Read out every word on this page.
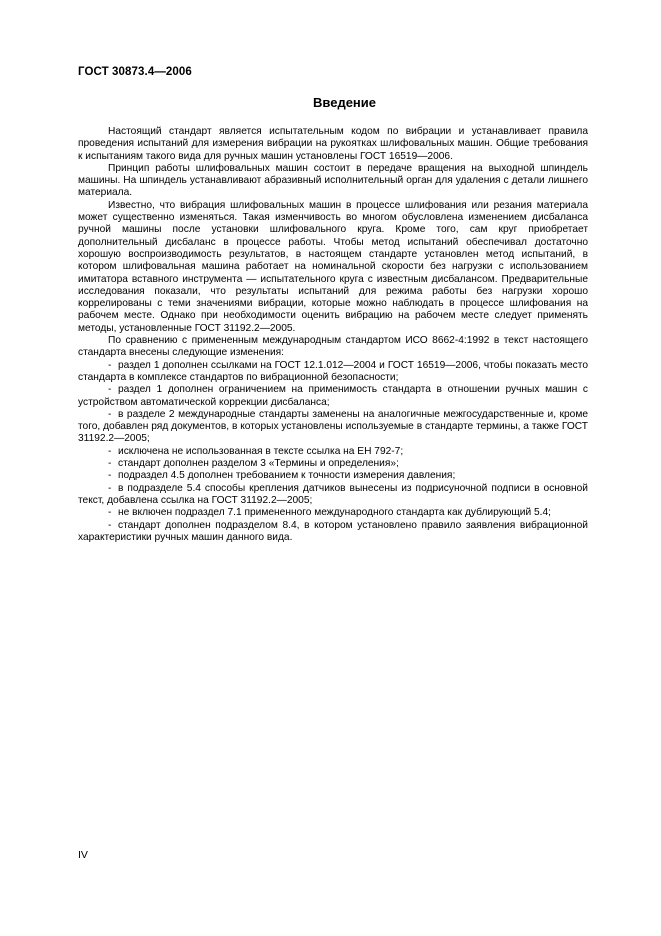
ГОСТ 30873.4—2006
Введение

Настоящий стандарт является испытательным кодом по вибрации и устанавливает правила проведения испытаний для измерения вибрации на рукоятках шлифовальных машин. Общие требования к испытаниям такого вида для ручных машин установлены ГОСТ 16519—2006.

Принцип работы шлифовальных машин состоит в передаче вращения на выходной шпиндель машины. На шпиндель устанавливают абразивный исполнительный орган для удаления с детали лишнего материала.

Известно, что вибрация шлифовальных машин в процессе шлифования или резания материала может существенно изменяться. Такая изменчивость во многом обусловлена изменением дисбаланса ручной машины после установки шлифовального круга. Кроме того, сам круг приобретает дополнительный дисбаланс в процессе работы. Чтобы метод испытаний обеспечивал достаточно хорошую воспроизводимость результатов, в настоящем стандарте установлен метод испытаний, в котором шлифовальная машина работает на номинальной скорости без нагрузки с использованием имитатора вставного инструмента — испытательного круга с известным дисбалансом. Предварительные исследования показали, что результаты испытаний для режима работы без нагрузки хорошо коррелированы с теми значениями вибрации, которые можно наблюдать в процессе шлифования на рабочем месте. Однако при необходимости оценить вибрацию на рабочем месте следует применять методы, установленные ГОСТ 31192.2—2005.

По сравнению с примененным международным стандартом ИСО 8662-4:1992 в текст настоящего стандарта внесены следующие изменения:

- раздел 1 дополнен ссылками на ГОСТ 12.1.012—2004 и ГОСТ 16519—2006, чтобы показать место стандарта в комплексе стандартов по вибрационной безопасности;
- раздел 1 дополнен ограничением на применимость стандарта в отношении ручных машин с устройством автоматической коррекции дисбаланса;
- в разделе 2 международные стандарты заменены на аналогичные межгосударственные и, кроме того, добавлен ряд документов, в которых установлены используемые в стандарте термины, а также ГОСТ 31192.2—2005;
- исключена не использованная в тексте ссылка на ЕН 792-7;
- стандарт дополнен разделом 3 «Термины и определения»;
- подраздел 4.5 дополнен требованием к точности измерения давления;
- в подразделе 5.4 способы крепления датчиков вынесены из подрисуночной подписи в основной текст, добавлена ссылка на ГОСТ 31192.2—2005;
- не включен подраздел 7.1 примененного международного стандарта как дублирующий 5.4;
- стандарт дополнен подразделом 8.4, в котором установлено правило заявления вибрационной характеристики ручных машин данного вида.
IV
